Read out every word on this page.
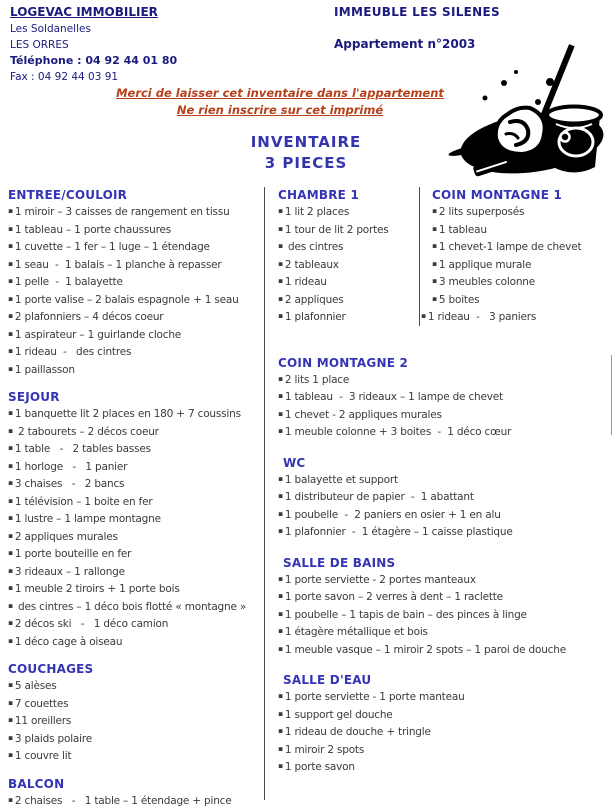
LOGEVAC IMMOBILIER
Les Soldanelles
LES ORRES
Téléphone : 04 92 44 01 80
Fax : 04 92 44 03 91
IMMEUBLE LES SILENES
Appartement n°2003
Merci de laisser cet inventaire dans l'appartement
Ne rien inscrire sur cet imprimé
INVENTAIRE
3 PIECES
ENTREE/COULOIR
▪ 1 miroir – 3 caisses de rangement en tissu
▪ 1 tableau – 1 porte chaussures
▪ 1 cuvette – 1 fer – 1 luge – 1 étendage
▪ 1 seau  -  1 balais – 1 planche à repasser
▪ 1 pelle  -  1 balayette
▪ 1 porte valise – 2 balais espagnole + 1 seau
▪ 2 plafonniers – 4 décos coeur
▪ 1 aspirateur – 1 guirlande cloche
▪ 1 rideau  -   des cintres
▪ 1 paillasson
SEJOUR
▪ 1 banquette lit 2 places en 180 + 7 coussins
▪ 2 tabourets – 2 décos coeur
▪ 1 table   -   2 tables basses
▪ 1 horloge   -   1 panier
▪ 3 chaises   -   2 bancs
▪ 1 télévision – 1 boite en fer
▪ 1 lustre – 1 lampe montagne
▪ 2 appliques murales
▪ 1 porte bouteille en fer
▪ 3 rideaux – 1 rallonge
▪ 1 meuble 2 tiroirs + 1 porte bois
▪ des cintres – 1 déco bois flotté « montagne »
▪ 2 décos ski   -   1 déco camion
▪ 1 déco cage à oiseau
COUCHAGES
▪ 5 alèses
▪ 7 couettes
▪ 11 oreillers
▪ 3 plaids polaire
▪ 1 couvre lit
BALCON
▪ 2 chaises   -   1 table – 1 étendage + pince
CHAMBRE 1
▪ 1 lit 2 places
▪ 1 tour de lit 2 portes
▪ des cintres
▪ 2 tableaux
▪ 1 rideau
▪ 2 appliques
▪ 1 plafonnier
COIN MONTAGNE 1
▪ 2 lits superposés
▪ 1 tableau
▪ 1 chevet-1 lampe de chevet
▪ 1 applique murale
▪ 3 meubles colonne
▪ 5 boites
▪ 1 rideau  -   3 paniers
COIN MONTAGNE 2
▪ 2 lits 1 place
▪ 1 tableau  -  3 rideaux – 1 lampe de chevet
▪ 1 chevet - 2 appliques murales
▪ 1 meuble colonne + 3 boites  -  1 déco cœur
WC
▪ 1 balayette et support
▪ 1 distributeur de papier  -  1 abattant
▪ 1 poubelle  -  2 paniers en osier + 1 en alu
▪ 1 plafonnier  -  1 étagère – 1 caisse plastique
SALLE DE BAINS
▪ 1 porte serviette - 2 portes manteaux
▪ 1 porte savon – 2 verres à dent – 1 raclette
▪ 1 poubelle – 1 tapis de bain – des pinces à linge
▪ 1 étagère métallique et bois
▪ 1 meuble vasque – 1 miroir 2 spots – 1 paroi de douche
SALLE D'EAU
▪ 1 porte serviette - 1 porte manteau
▪ 1 support gel douche
▪ 1 rideau de douche + tringle
▪ 1 miroir 2 spots
▪ 1 porte savon
